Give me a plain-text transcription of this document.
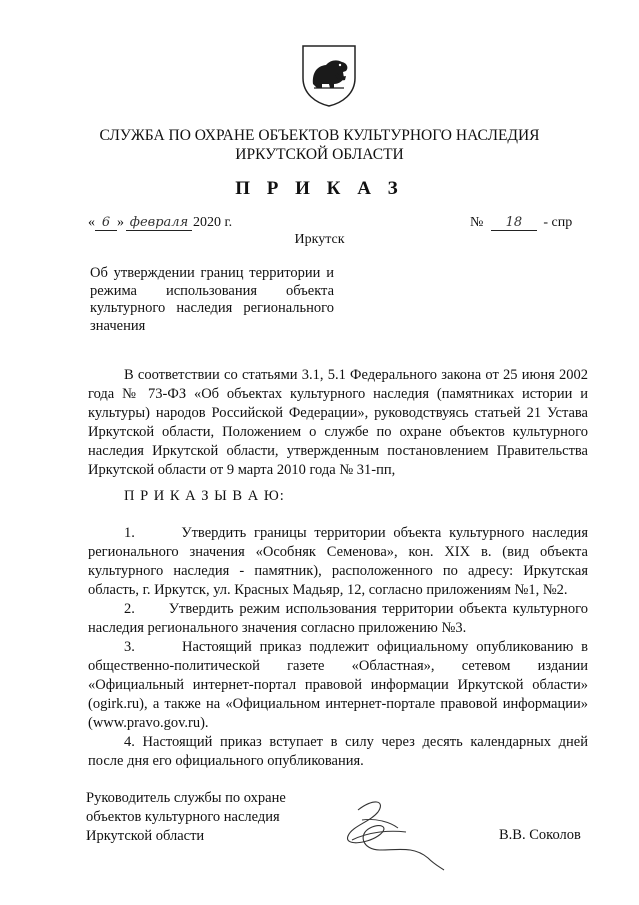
СЛУЖБА ПО ОХРАНЕ ОБЪЕКТОВ КУЛЬТУРНОГО НАСЛЕДИЯ
ИРКУТСКОЙ ОБЛАСТИ
П Р И К А З
« 6 » февраля 2020 г.	№ 18 - спр
Иркутск
Об утверждении границ территории и режима использования объекта культурного наследия регионального значения

В соответствии со статьями 3.1, 5.1 Федерального закона от 25 июня 2002 года № 73-ФЗ «Об объектах культурного наследия (памятниках истории и культуры) народов Российской Федерации», руководствуясь статьей 21 Устава Иркутской области, Положением о службе по охране объектов культурного наследия Иркутской области, утвержденным постановлением Правительства Иркутской области от 9 марта 2010 года № 31-пп,

П Р И К А З Ы В А Ю:

1.      Утвердить границы территории объекта культурного наследия регионального значения «Особняк Семенова», кон. XIX в. (вид объекта культурного наследия - памятник), расположенного по адресу: Иркутская область, г. Иркутск, ул. Красных Мадьяр, 12, согласно приложениям №1, №2.

2.      Утвердить режим использования территории объекта культурного наследия регионального значения согласно приложению №3.

3.      Настоящий приказ подлежит официальному опубликованию в общественно-политической газете «Областная», сетевом издании «Официальный интернет-портал правовой информации Иркутской области» (ogirk.ru), а также на «Официальном интернет-портале правовой информации» (www.pravo.gov.ru).

4. Настоящий приказ вступает в силу через десять календарных дней после дня его официального опубликования.

Руководитель службы по охране
объектов культурного наследия
Иркутской области	В.В. Соколов
